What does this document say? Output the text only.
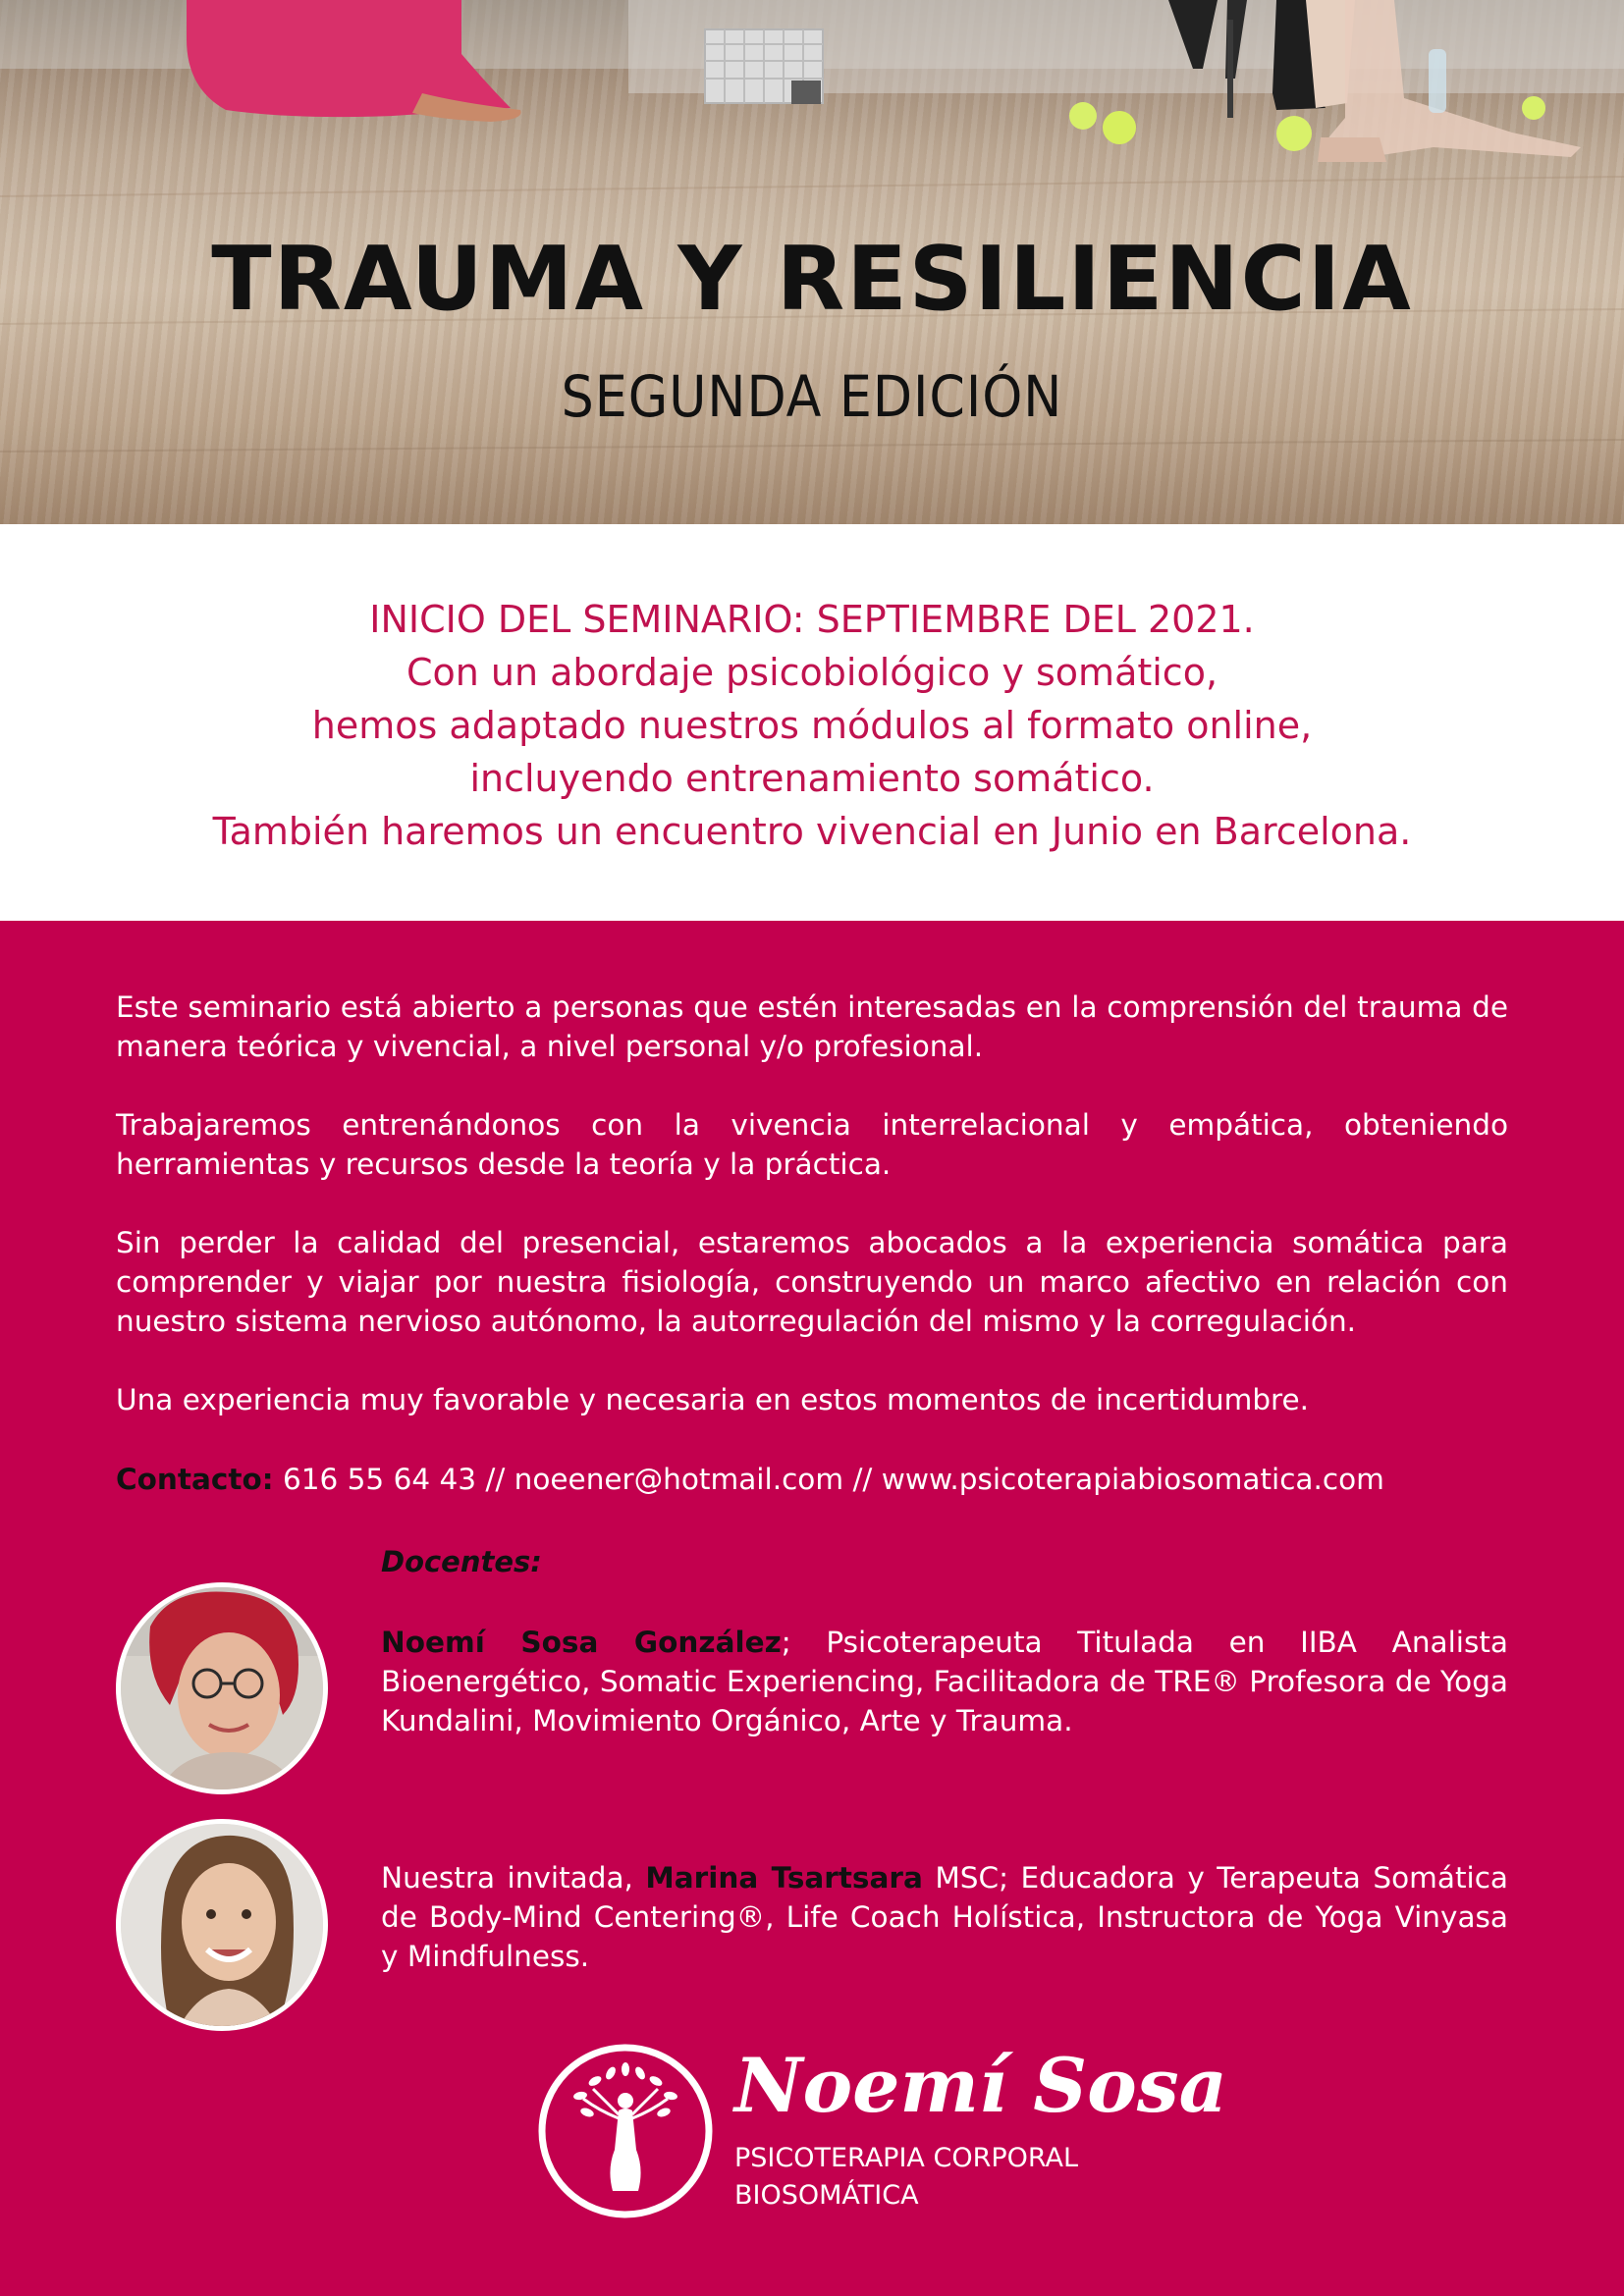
TRAUMA Y RESILIENCIA
SEGUNDA EDICIÓN

INICIO DEL SEMINARIO: SEPTIEMBRE DEL 2021.

Con un abordaje psicobiológico y somático,

hemos adaptado nuestros módulos al formato online,

incluyendo entrenamiento somático.

También haremos un encuentro vivencial en Junio en Barcelona.

Este seminario está abierto a personas que estén interesadas en la comprensión del trauma de manera teórica y vivencial, a nivel personal y/o profesional.

Trabajaremos entrenándonos con la vivencia interrelacional y empática, obteniendo herramientas y recursos desde la teoría y la práctica.

Sin perder la calidad del presencial, estaremos abocados a la experiencia somática para comprender y viajar por nuestra fisiología, construyendo un marco afectivo en relación con nuestro sistema nervioso autónomo, la autorregulación del mismo y la corregulación.

Una experiencia muy favorable y necesaria en estos momentos de incertidumbre.

Contacto: 616 55 64 43 // noeener@hotmail.com // www.psicoterapiabiosomatica.com
Docentes:
Noemí Sosa González; Psicoterapeuta Titulada en IIBA Analista Bioenergético, Somatic Experiencing, Facilitadora de TRE® Profesora de Yoga Kundalini, Movimiento Orgánico, Arte y Trauma.
Nuestra invitada, Marina Tsartsara MSC; Educadora y Terapeuta Somática de Body-Mind Centering®, Life Coach Holística, Instructora de Yoga Vinyasa y Mindfulness.
Noemí Sosa
PSICOTERAPIA CORPORAL
BIOSOMÁTICA
